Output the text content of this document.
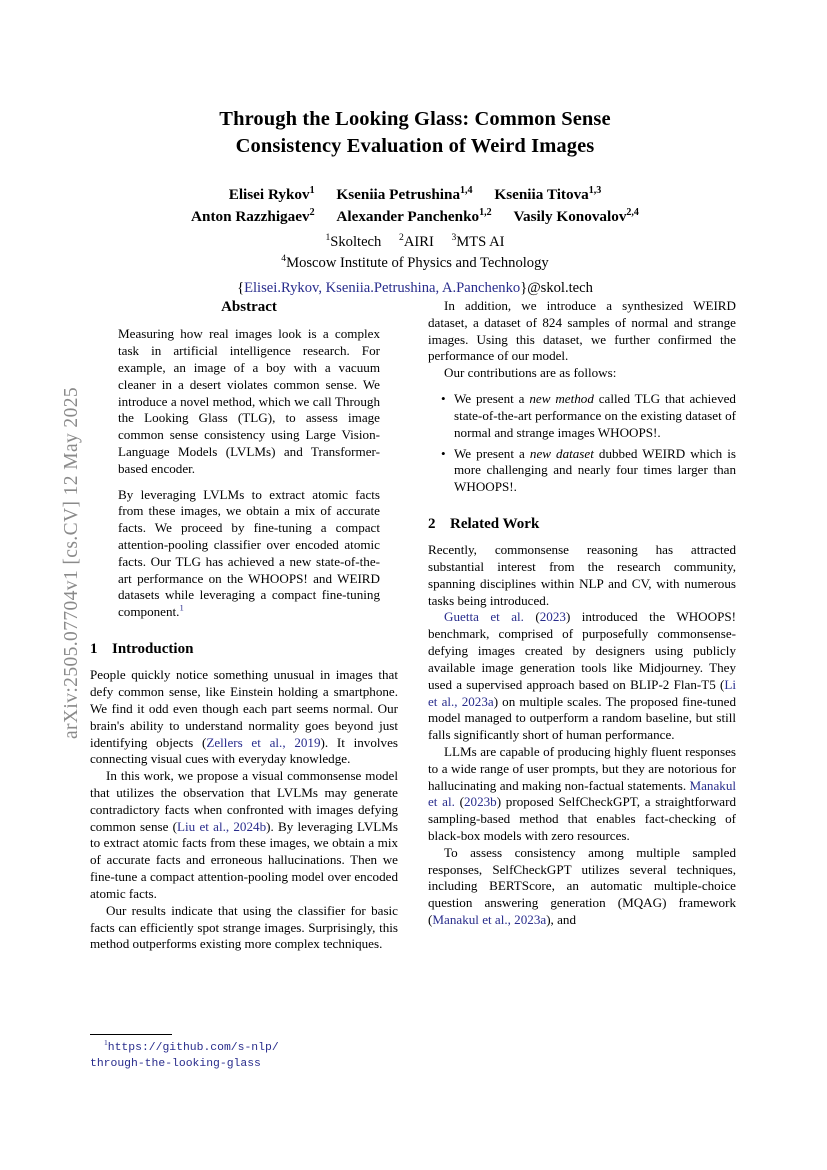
arXiv:2505.07704v1 [cs.CV] 12 May 2025
Through the Looking Glass: Common Sense
Consistency Evaluation of Weird Images
Elisei Rykov$^1$ Kseniia Petrushina$^{1,4}$ Kseniia Titova$^{1,3}$
Anton Razzhigaev$^2$ Alexander Panchenko$^{1,2}$ Vasily Konovalov$^{2,4}$
$^1$Skoltech $^2$AIRI $^3$MTS AI
$^4$Moscow Institute of Physics and Technology
{Elisei.Rykov, Kseniia.Petrushina, A.Panchenko}@skol.tech
Abstract

Measuring how real images look is a complex task in artificial intelligence research. For example, an image of a boy with a vacuum cleaner in a desert violates common sense. We introduce a novel method, which we call Through the Looking Glass (TLG), to assess image common sense consistency using Large Vision-Language Models (LVLMs) and Transformer-based encoder.

By leveraging LVLMs to extract atomic facts from these images, we obtain a mix of accurate facts. We proceed by fine-tuning a compact attention-pooling classifier over encoded atomic facts. Our TLG has achieved a new state-of-the-art performance on the WHOOPS! and WEIRD datasets while leveraging a compact fine-tuning component.$^1$

1 Introduction

People quickly notice something unusual in images that defy common sense, like Einstein holding a smartphone. We find it odd even though each part seems normal. Our brain's ability to understand normality goes beyond just identifying objects (Zellers et al., 2019). It involves connecting visual cues with everyday knowledge.

In this work, we propose a visual commonsense model that utilizes the observation that LVLMs may generate contradictory facts when confronted with images defying common sense (Liu et al., 2024b). By leveraging LVLMs to extract atomic facts from these images, we obtain a mix of accurate facts and erroneous hallucinations. Then we fine-tune a compact attention-pooling model over encoded atomic facts.

Our results indicate that using the classifier for basic facts can efficiently spot strange images. Surprisingly, this method outperforms existing more complex techniques.

In addition, we introduce a synthesized WEIRD dataset, a dataset of 824 samples of normal and strange images. Using this dataset, we further confirmed the performance of our model.

Our contributions are as follows:

• We present a new method called TLG that achieved state-of-the-art performance on the existing dataset of normal and strange images WHOOPS!.
• We present a new dataset dubbed WEIRD which is more challenging and nearly four times larger than WHOOPS!.
2 Related Work

Recently, commonsense reasoning has attracted substantial interest from the research community, spanning disciplines within NLP and CV, with numerous tasks being introduced.

Guetta et al. (2023) introduced the WHOOPS! benchmark, comprised of purposefully commonsense-defying images created by designers using publicly available image generation tools like Midjourney. They used a supervised approach based on BLIP-2 Flan-T5 (Li et al., 2023a) on multiple scales. The proposed fine-tuned model managed to outperform a random baseline, but still falls significantly short of human performance.

LLMs are capable of producing highly fluent responses to a wide range of user prompts, but they are notorious for hallucinating and making non-factual statements. Manakul et al. (2023b) proposed SelfCheckGPT, a straightforward sampling-based method that enables fact-checking of black-box models with zero resources.

To assess consistency among multiple sampled responses, SelfCheckGPT utilizes several techniques, including BERTScore, an automatic multiple-choice question answering generation (MQAG) framework (Manakul et al., 2023a), and

$^1$https://github.com/s-nlp/
through-the-looking-glass
